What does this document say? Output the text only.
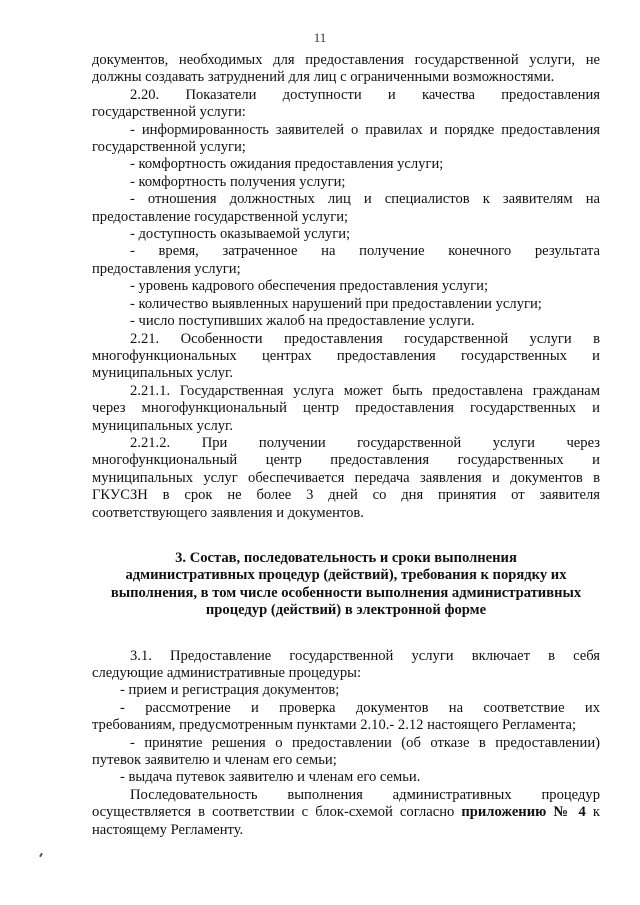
11
документов, необходимых для предоставления государственной услуги, не
должны создавать затруднений для лиц с ограниченными возможностями.
2.20. Показатели доступности и качества предоставления
государственной услуги:
- информированность заявителей о правилах и порядке предоставления
государственной услуги;
- комфортность ожидания предоставления услуги;
- комфортность получения услуги;
- отношения должностных лиц и специалистов к заявителям на
предоставление государственной услуги;
- доступность оказываемой услуги;
- время, затраченное на получение конечного результата
предоставления услуги;
- уровень кадрового обеспечения предоставления услуги;
- количество выявленных нарушений при предоставлении услуги;
- число поступивших жалоб на предоставление услуги.
2.21. Особенности предоставления государственной услуги в
многофункциональных центрах предоставления государственных и
муниципальных услуг.
2.21.1. Государственная услуга может быть предоставлена гражданам
через многофункциональный центр предоставления государственных и
муниципальных услуг.
2.21.2. При получении государственной услуги через
многофункциональный центр предоставления государственных и
муниципальных услуг обеспечивается передача заявления и документов в
ГКУСЗН в срок не более 3 дней со дня принятия от заявителя
соответствующего заявления и документов.
3. Состав, последовательность и сроки выполнения
административных процедур (действий), требования к порядку их
выполнения, в том числе особенности выполнения административных
процедур (действий) в электронной форме
3.1. Предоставление государственной услуги включает в себя
следующие административные процедуры:
- прием и регистрация документов;
- рассмотрение и проверка документов на соответствие их
требованиям, предусмотренным пунктами 2.10.- 2.12 настоящего Регламента;
- принятие решения о предоставлении (об отказе в предоставлении)
путевок заявителю и членам его семьи;
- выдача путевок заявителю и членам его семьи.
Последовательность выполнения административных процедур
осуществляется в соответствии с блок-схемой согласно приложению № 4 к
настоящему Регламенту.
